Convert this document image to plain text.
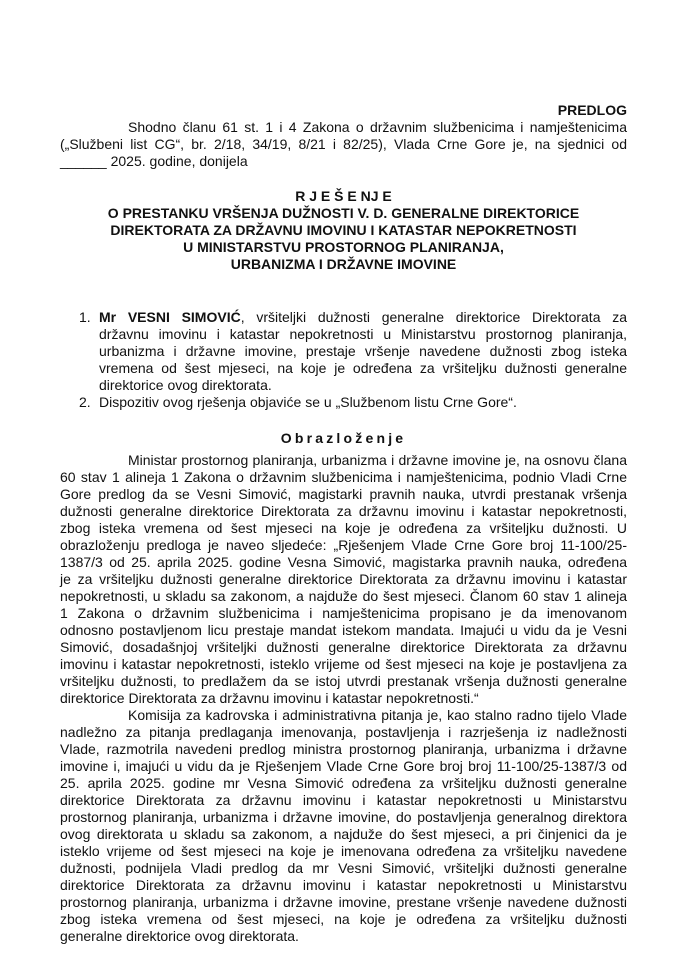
PREDLOG
Shodno članu 61 st. 1 i 4 Zakona o državnim službenicima i namještenicima
(„Službeni list CG“, br. 2/18, 34/19, 8/21 i 82/25), Vlada Crne Gore je, na sjednici od
______ 2025. godine, donijela
R J E Š E NJ E
O PRESTANKU VRŠENJA DUŽNOSTI V. D. GENERALNE DIREKTORICE
DIREKTORATA ZA DRŽAVNU IMOVINU I KATASTAR NEPOKRETNOSTI
U MINISTARSTVU PROSTORNOG PLANIRANJA,
URBANIZMA I DRŽAVNE IMOVINE
1. Mr VESNI SIMOVIĆ, vršiteljki dužnosti generalne direktorice Direktorata za
državnu imovinu i katastar nepokretnosti u Ministarstvu prostornog planiranja,
urbanizma i državne imovine, prestaje vršenje navedene dužnosti zbog isteka
vremena od šest mjeseci, na koje je određena za vršiteljku dužnosti generalne
direktorice ovog direktorata.
2. Dispozitiv ovog rješenja objaviće se u „Službenom listu Crne Gore“.
Obrazloženje
Ministar prostornog planiranja, urbanizma i državne imovine je, na osnovu člana
60 stav 1 alineja 1 Zakona o državnim službenicima i namještenicima, podnio Vladi Crne
Gore predlog da se Vesni Simović, magistarki pravnih nauka, utvrdi prestanak vršenja
dužnosti generalne direktorice Direktorata za državnu imovinu i katastar nepokretnosti,
zbog isteka vremena od šest mjeseci na koje je određena za vršiteljku dužnosti. U
obrazloženju predloga je naveo sljedeće: „Rješenjem Vlade Crne Gore broj 11-100/25-
1387/3 od 25. aprila 2025. godine Vesna Simović, magistarka pravnih nauka, određena
je za vršiteljku dužnosti generalne direktorice Direktorata za državnu imovinu i katastar
nepokretnosti, u skladu sa zakonom, a najduže do šest mjeseci. Članom 60 stav 1 alineja
1 Zakona o državnim službenicima i namještenicima propisano je da imenovanom
odnosno postavljenom licu prestaje mandat istekom mandata. Imajući u vidu da je Vesni
Simović, dosadašnjoj vršiteljki dužnosti generalne direktorice Direktorata za državnu
imovinu i katastar nepokretnosti, isteklo vrijeme od šest mjeseci na koje je postavljena za
vršiteljku dužnosti, to predlažem da se istoj utvrdi prestanak vršenja dužnosti generalne
direktorice Direktorata za državnu imovinu i katastar nepokretnosti.“
Komisija za kadrovska i administrativna pitanja je, kao stalno radno tijelo Vlade
nadležno za pitanja predlaganja imenovanja, postavljenja i razrješenja iz nadležnosti
Vlade, razmotrila navedeni predlog ministra prostornog planiranja, urbanizma i državne
imovine i, imajući u vidu da je Rješenjem Vlade Crne Gore broj broj 11-100/25-1387/3 od
25. aprila 2025. godine mr Vesna Simović određena za vršiteljku dužnosti generalne
direktorice Direktorata za državnu imovinu i katastar nepokretnosti u Ministarstvu
prostornog planiranja, urbanizma i državne imovine, do postavljenja generalnog direktora
ovog direktorata u skladu sa zakonom, a najduže do šest mjeseci, a pri činjenici da je
isteklo vrijeme od šest mjeseci na koje je imenovana određena za vršiteljku navedene
dužnosti, podnijela Vladi predlog da mr Vesni Simović, vršiteljki dužnosti generalne
direktorice Direktorata za državnu imovinu i katastar nepokretnosti u Ministarstvu
prostornog planiranja, urbanizma i državne imovine, prestane vršenje navedene dužnosti
zbog isteka vremena od šest mjeseci, na koje je određena za vršiteljku dužnosti
generalne direktorice ovog direktorata.
